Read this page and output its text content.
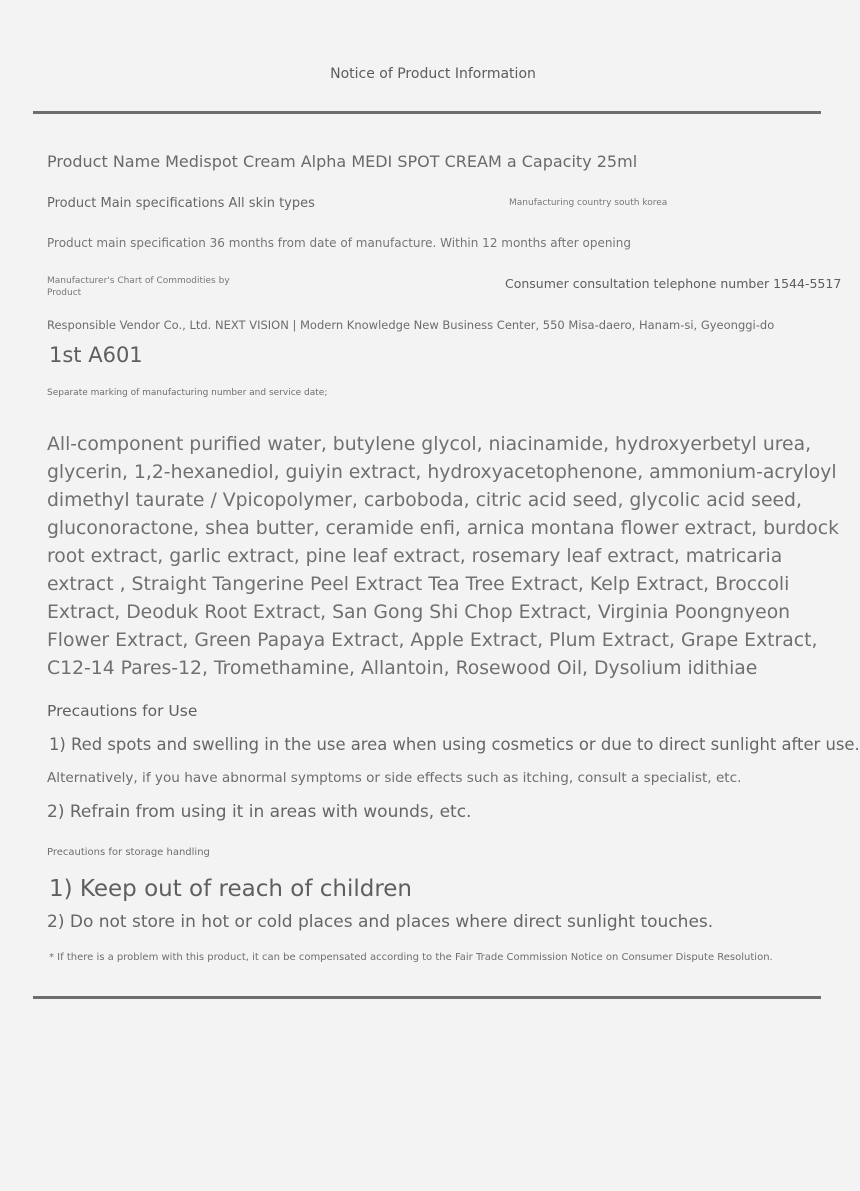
Notice of Product Information
Product Name Medispot Cream Alpha MEDI SPOT CREAM a Capacity 25ml
Product Main specifications All skin types	Manufacturing country south korea
Product main specification 36 months from date of manufacture. Within 12 months after opening
Manufacturer's Chart of Commodities by Product
Consumer consultation telephone number 1544-5517
Responsible Vendor Co., Ltd. NEXT VISION | Modern Knowledge New Business Center, 550 Misa-daero, Hanam-si, Gyeonggi-do
1st A601
Separate marking of manufacturing number and service date;
All-component purified water, butylene glycol, niacinamide, hydroxyerbetyl urea, glycerin, 1,2-hexanediol, guiyin extract, hydroxyacetophenone, ammonium-acryloyl dimethyl taurate / Vpicopolymer, carboboda, citric acid seed, glycolic acid seed, gluconoractone, shea butter, ceramide enfi, arnica montana flower extract, burdock root extract, garlic extract, pine leaf extract, rosemary leaf extract, matricaria extract , Straight Tangerine Peel Extract Tea Tree Extract, Kelp Extract, Broccoli Extract, Deoduk Root Extract, San Gong Shi Chop Extract, Virginia Poongnyeon Flower Extract, Green Papaya Extract, Apple Extract, Plum Extract, Grape Extract, C12-14 Pares-12, Tromethamine, Allantoin, Rosewood Oil, Dysolium idithiae
Precautions for Use
1) Red spots and swelling in the use area when using cosmetics or due to direct sunlight after use.
Alternatively, if you have abnormal symptoms or side effects such as itching, consult a specialist, etc.
2) Refrain from using it in areas with wounds, etc.
Precautions for storage handling
1) Keep out of reach of children
2) Do not store in hot or cold places and places where direct sunlight touches.
* If there is a problem with this product, it can be compensated according to the Fair Trade Commission Notice on Consumer Dispute Resolution.
